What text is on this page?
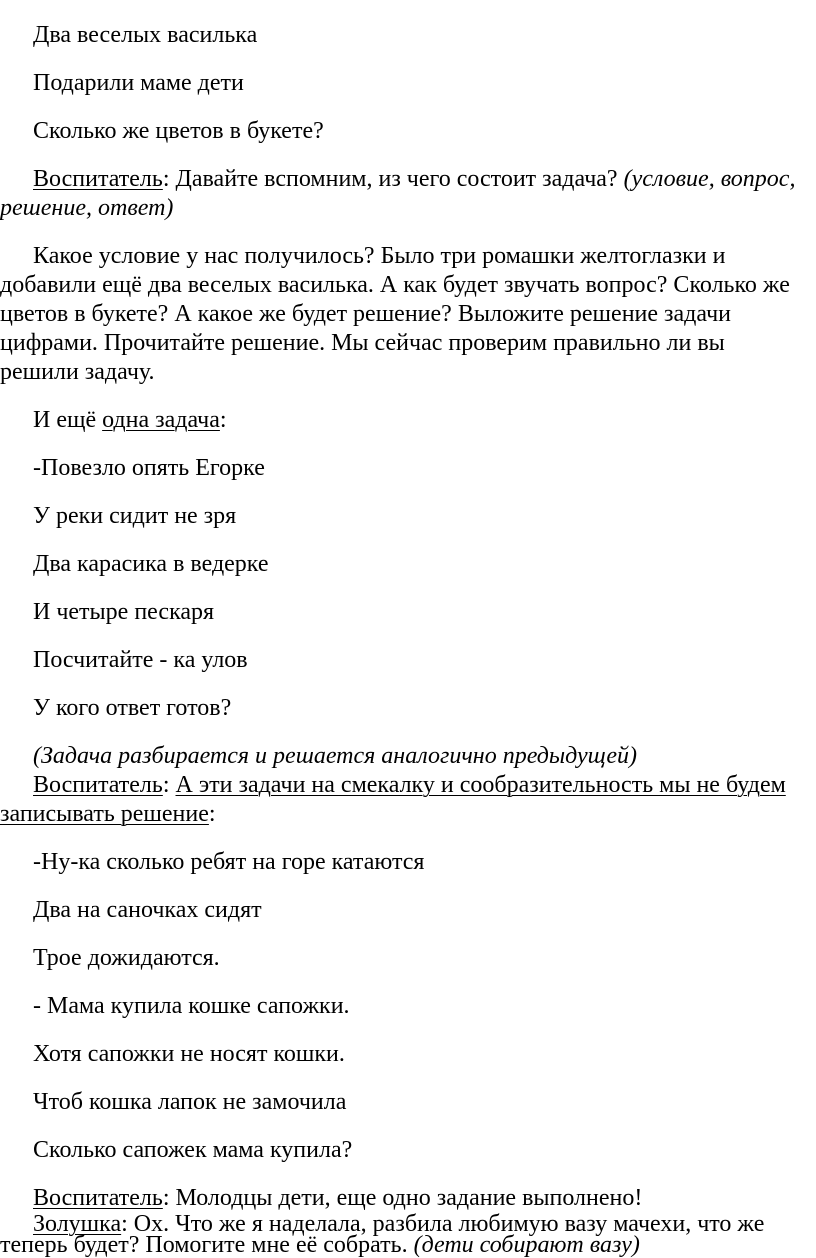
Два веселых василька
Подарили маме дети
Сколько же цветов в букете?
Воспитатель: Давайте вспомним, из чего состоит задача? (условие, вопрос,
решение, ответ)
Какое условие у нас получилось? Было три ромашки желтоглазки и
добавили ещё два веселых василька. А как будет звучать вопрос? Сколько же
цветов в букете? А какое же будет решение? Выложите решение задачи
цифрами. Прочитайте решение. Мы сейчас проверим правильно ли вы
решили задачу.
И ещё одна задача:
-Повезло опять Егорке
У реки сидит не зря
Два карасика в ведерке
И четыре пескаря
Посчитайте - ка улов
У кого ответ готов?
(Задача разбирается и решается аналогично предыдущей)
Воспитатель: А эти задачи на смекалку и сообразительность мы не будем
записывать решение:
-Ну-ка сколько ребят на горе катаются
Два на саночках сидят
Трое дожидаются.
- Мама купила кошке сапожки.
Хотя сапожки не носят кошки.
Чтоб кошка лапок не замочила
Сколько сапожек мама купила?
Воспитатель: Молодцы дети, еще одно задание выполнено!
Золушка: Ох. Что же я наделала, разбила любимую вазу мачехи, что же
теперь будет? Помогите мне её собрать. (дети собирают вазу)
